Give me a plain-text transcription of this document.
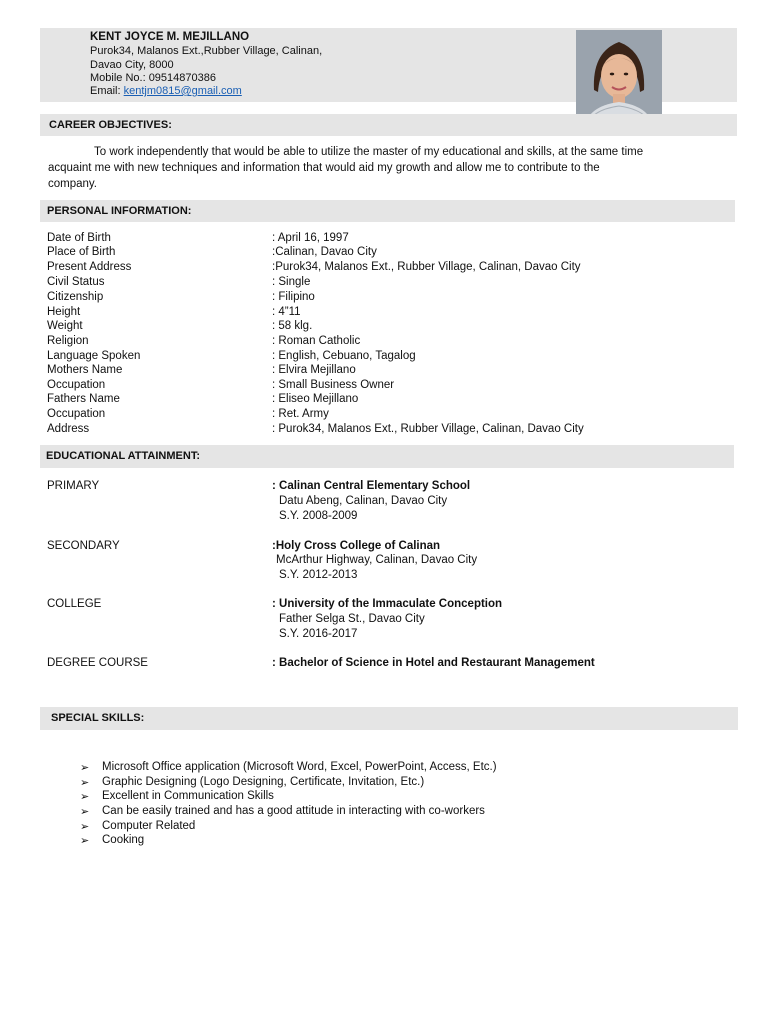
KENT JOYCE M. MEJILLANO
Purok34, Malanos Ext.,Rubber Village, Calinan,
Davao City, 8000
Mobile No.: 09514870386
Email: kentjm0815@gmail.com
CAREER OBJECTIVES:
To work independently that would be able to utilize the master of my educational and skills, at the same time
acquaint me with new techniques and information that would aid my growth and allow me to contribute to the
company.
PERSONAL INFORMATION:
Date of Birth	: April 16, 1997
Place of Birth	:Calinan, Davao City
Present Address	:Purok34, Malanos Ext., Rubber Village, Calinan, Davao City
Civil Status	: Single
Citizenship	: Filipino
Height	: 4”11
Weight	: 58 klg.
Religion	: Roman Catholic
Language Spoken	: English, Cebuano, Tagalog
Mothers Name	: Elvira Mejillano
Occupation	: Small Business Owner
Fathers Name	: Eliseo Mejillano
Occupation	: Ret. Army
Address	: Purok34, Malanos Ext., Rubber Village, Calinan, Davao City
EDUCATIONAL ATTAINMENT:
PRIMARY	: Calinan Central Elementary School
Datu Abeng, Calinan, Davao City
S.Y. 2008-2009
SECONDARY	:Holy Cross College of Calinan
McArthur Highway, Calinan, Davao City
S.Y. 2012-2013
COLLEGE	: University of the Immaculate Conception
Father Selga St., Davao City
S.Y. 2016-2017
DEGREE COURSE	: Bachelor of Science in Hotel and Restaurant Management
SPECIAL SKILLS:
➢ Microsoft Office application (Microsoft Word, Excel, PowerPoint, Access, Etc.)
➢ Graphic Designing (Logo Designing, Certificate, Invitation, Etc.)
➢ Excellent in Communication Skills
➢ Can be easily trained and has a good attitude in interacting with co-workers
➢ Computer Related
➢ Cooking
